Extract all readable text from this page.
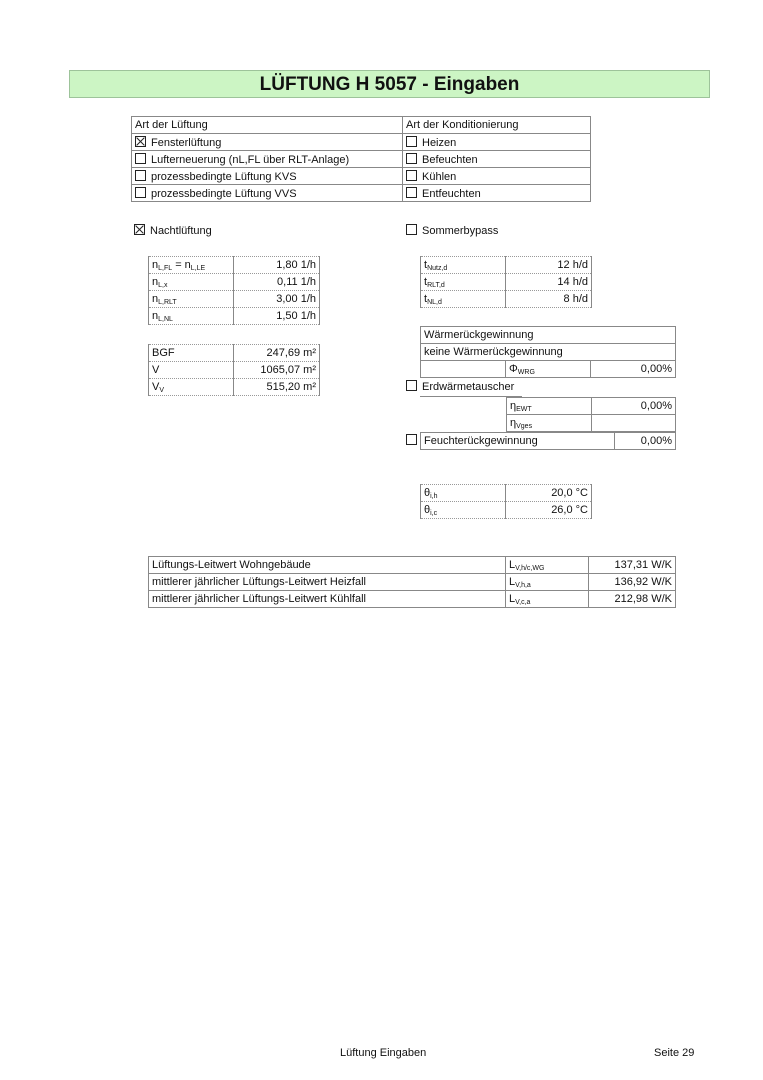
LÜFTUNG H 5057 - Eingaben
Art der Lüftung	Art der Konditionierung
Fensterlüftung	Heizen
Lufterneuerung (nL,FL über RLT-Anlage)	Befeuchten
prozessbedingte Lüftung KVS	Kühlen
prozessbedingte Lüftung VVS	Entfeuchten
Nachtlüftung	Sommerbypass
$n_{L,FL} = n_{L,LE}$	1,80 1/h
$n_{L,x}$	0,11 1/h
$n_{L,RLT}$	3,00 1/h
$n_{L,NL}$	1,50 1/h
$t_{Nutz,d}$	12 h/d
$t_{RLT,d}$	14 h/d
$t_{NL,d}$	8 h/d
BGF	247,69 m²
V	1065,07 m²
$V_V$	515,20 m²
Wärmerückgewinnung
keine Wärmerückgewinnung
	$\Phi_{WRG}$	0,00%
Erdwärmetauscher
$\eta_{EWT}$	0,00%
$\eta_{Vges}$	
Feuchterückgewinnung	0,00%
$\theta_{i,h}$	20,0 °C
$\theta_{i,c}$	26,0 °C
Lüftungs-Leitwert Wohngebäude	$L_{V,h/c,WG}$	137,31 W/K
mittlerer jährlicher Lüftungs-Leitwert Heizfall	$L_{V,h,a}$	136,92 W/K
mittlerer jährlicher Lüftungs-Leitwert Kühlfall	$L_{V,c,a}$	212,98 W/K
Lüftung Eingaben	Seite 29
